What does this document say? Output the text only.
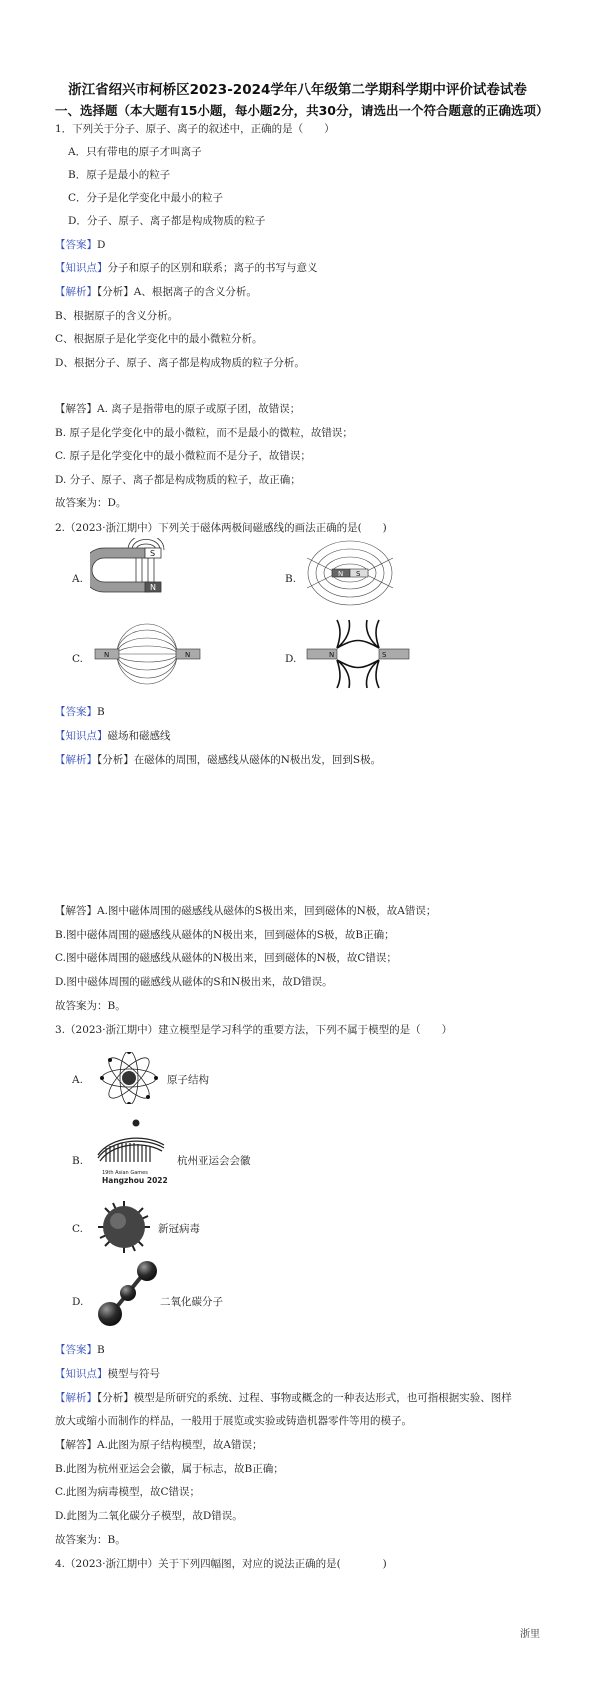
浙江省绍兴市柯桥区2023-2024学年八年级第二学期科学期中评价试卷试卷
一、选择题（本大题有15小题，每小题2分，共30分，请选出一个符合题意的正确选项）
1．下列关于分子、原子、离子的叙述中，正确的是（　　）
A．只有带电的原子才叫离子
B．原子是最小的粒子
C．分子是化学变化中最小的粒子
D．分子、原子、离子都是构成物质的粒子
【答案】D
【知识点】分子和原子的区别和联系；离子的书写与意义
【解析】【分析】A、根据离子的含义分析。
B、根据原子的含义分析。
C、根据原子是化学变化中的最小微粒分析。
D、根据分子、原子、离子都是构成物质的粒子分析。
【解答】A. 离子是指带电的原子或原子团，故错误；
B. 原子是化学变化中的最小微粒，而不是最小的微粒，故错误；
C. 原子是化学变化中的最小微粒而不是分子，故错误；
D. 分子、原子、离子都是构成物质的粒子，故正确；
故答案为：D。
2.（2023·浙江期中）下列关于磁体两极间磁感线的画法正确的是(　　)
A.
S
N
B.	N S
C.	N	N	D.	N	S
【答案】B
【知识点】磁场和磁感线
【解析】【分析】在磁体的周围，磁感线从磁体的N极出发，回到S极。
【解答】A.图中磁体周围的磁感线从磁体的S极出来，回到磁体的N极，故A错误；
B.图中磁体周围的磁感线从磁体的N极出来，回到磁体的S极，故B正确；
C.图中磁体周围的磁感线从磁体的N极出来，回到磁体的N极，故C错误；
D.图中磁体周围的磁感线从磁体的S和N极出来，故D错误。
故答案为：B。
3.（2023·浙江期中）建立模型是学习科学的重要方法，下列不属于模型的是（　　）
A.	原子结构
B.
19th Asian Games
Hangzhou 2022
杭州亚运会会徽
C.	新冠病毒
D.	二氧化碳分子
【答案】B
【知识点】模型与符号
【解析】【分析】模型是所研究的系统、过程、事物或概念的一种表达形式，也可指根据实验、图样
放大或缩小而制作的样品，一般用于展览或实验或铸造机器零件等用的模子。
【解答】A.此图为原子结构模型，故A错误；
B.此图为杭州亚运会会徽，属于标志，故B正确；
C.此图为病毒模型，故C错误；
D.此图为二氧化碳分子模型，故D错误。
故答案为：B。
4.（2023·浙江期中）关于下列四幅图，对应的说法正确的是(　　　　)
浙里
